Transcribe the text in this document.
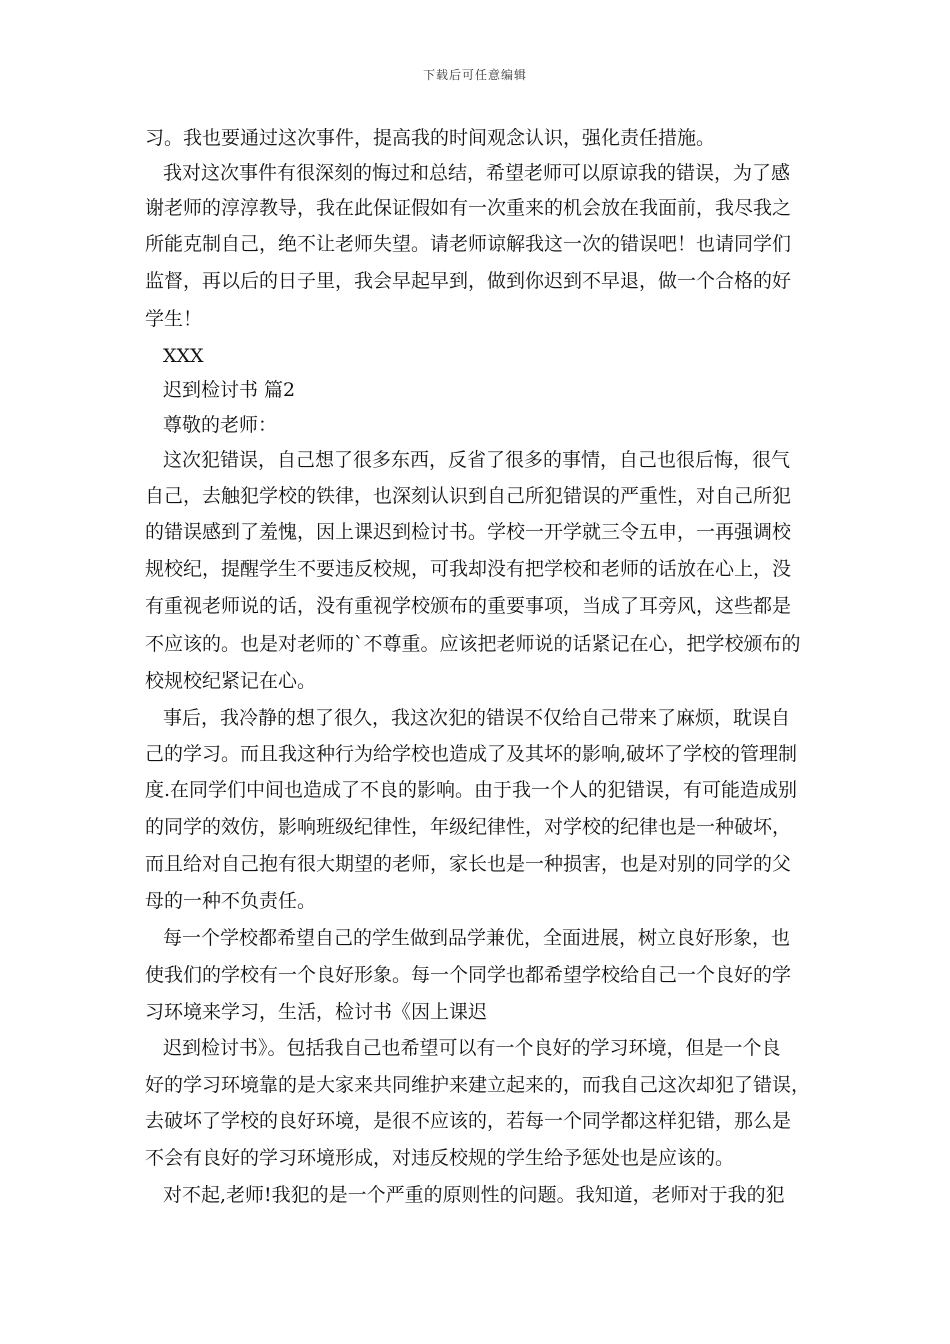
下载后可任意编辑
习。我也要通过这次事件，提高我的时间观念认识，强化责任措施。
我对这次事件有很深刻的悔过和总结，希望老师可以原谅我的错误，为了感
谢老师的淳淳教导，我在此保证假如有一次重来的机会放在我面前，我尽我之
所能克制自己，绝不让老师失望。请老师谅解我这一次的错误吧！也请同学们
监督，再以后的日子里，我会早起早到，做到你迟到不早退，做一个合格的好
学生！
XXX
迟到检讨书 篇2
尊敬的老师：
这次犯错误，自己想了很多东西，反省了很多的事情，自己也很后悔，很气
自己，去触犯学校的铁律，也深刻认识到自己所犯错误的严重性，对自己所犯
的错误感到了羞愧，因上课迟到检讨书。学校一开学就三令五申，一再强调校
规校纪，提醒学生不要违反校规，可我却没有把学校和老师的话放在心上，没
有重视老师说的话，没有重视学校颁布的重要事项，当成了耳旁风，这些都是
不应该的。也是对老师的`不尊重。应该把老师说的话紧记在心，把学校颁布的
校规校纪紧记在心。
事后，我冷静的想了很久，我这次犯的错误不仅给自己带来了麻烦，耽误自
己的学习。而且我这种行为给学校也造成了及其坏的影响,破坏了学校的管理制
度.在同学们中间也造成了不良的影响。由于我一个人的犯错误，有可能造成别
的同学的效仿，影响班级纪律性，年级纪律性，对学校的纪律也是一种破坏，
而且给对自己抱有很大期望的老师，家长也是一种损害，也是对别的同学的父
母的一种不负责任。
每一个学校都希望自己的学生做到品学兼优，全面进展，树立良好形象，也
使我们的学校有一个良好形象。每一个同学也都希望学校给自己一个良好的学
习环境来学习，生活，检讨书《因上课迟
迟到检讨书》。包括我自己也希望可以有一个良好的学习环境，但是一个良
好的学习环境靠的是大家来共同维护来建立起来的，而我自己这次却犯了错误，
去破坏了学校的良好环境，是很不应该的，若每一个同学都这样犯错，那么是
不会有良好的学习环境形成，对违反校规的学生给予惩处也是应该的。
对不起,老师!我犯的是一个严重的原则性的问题。我知道，老师对于我的犯
